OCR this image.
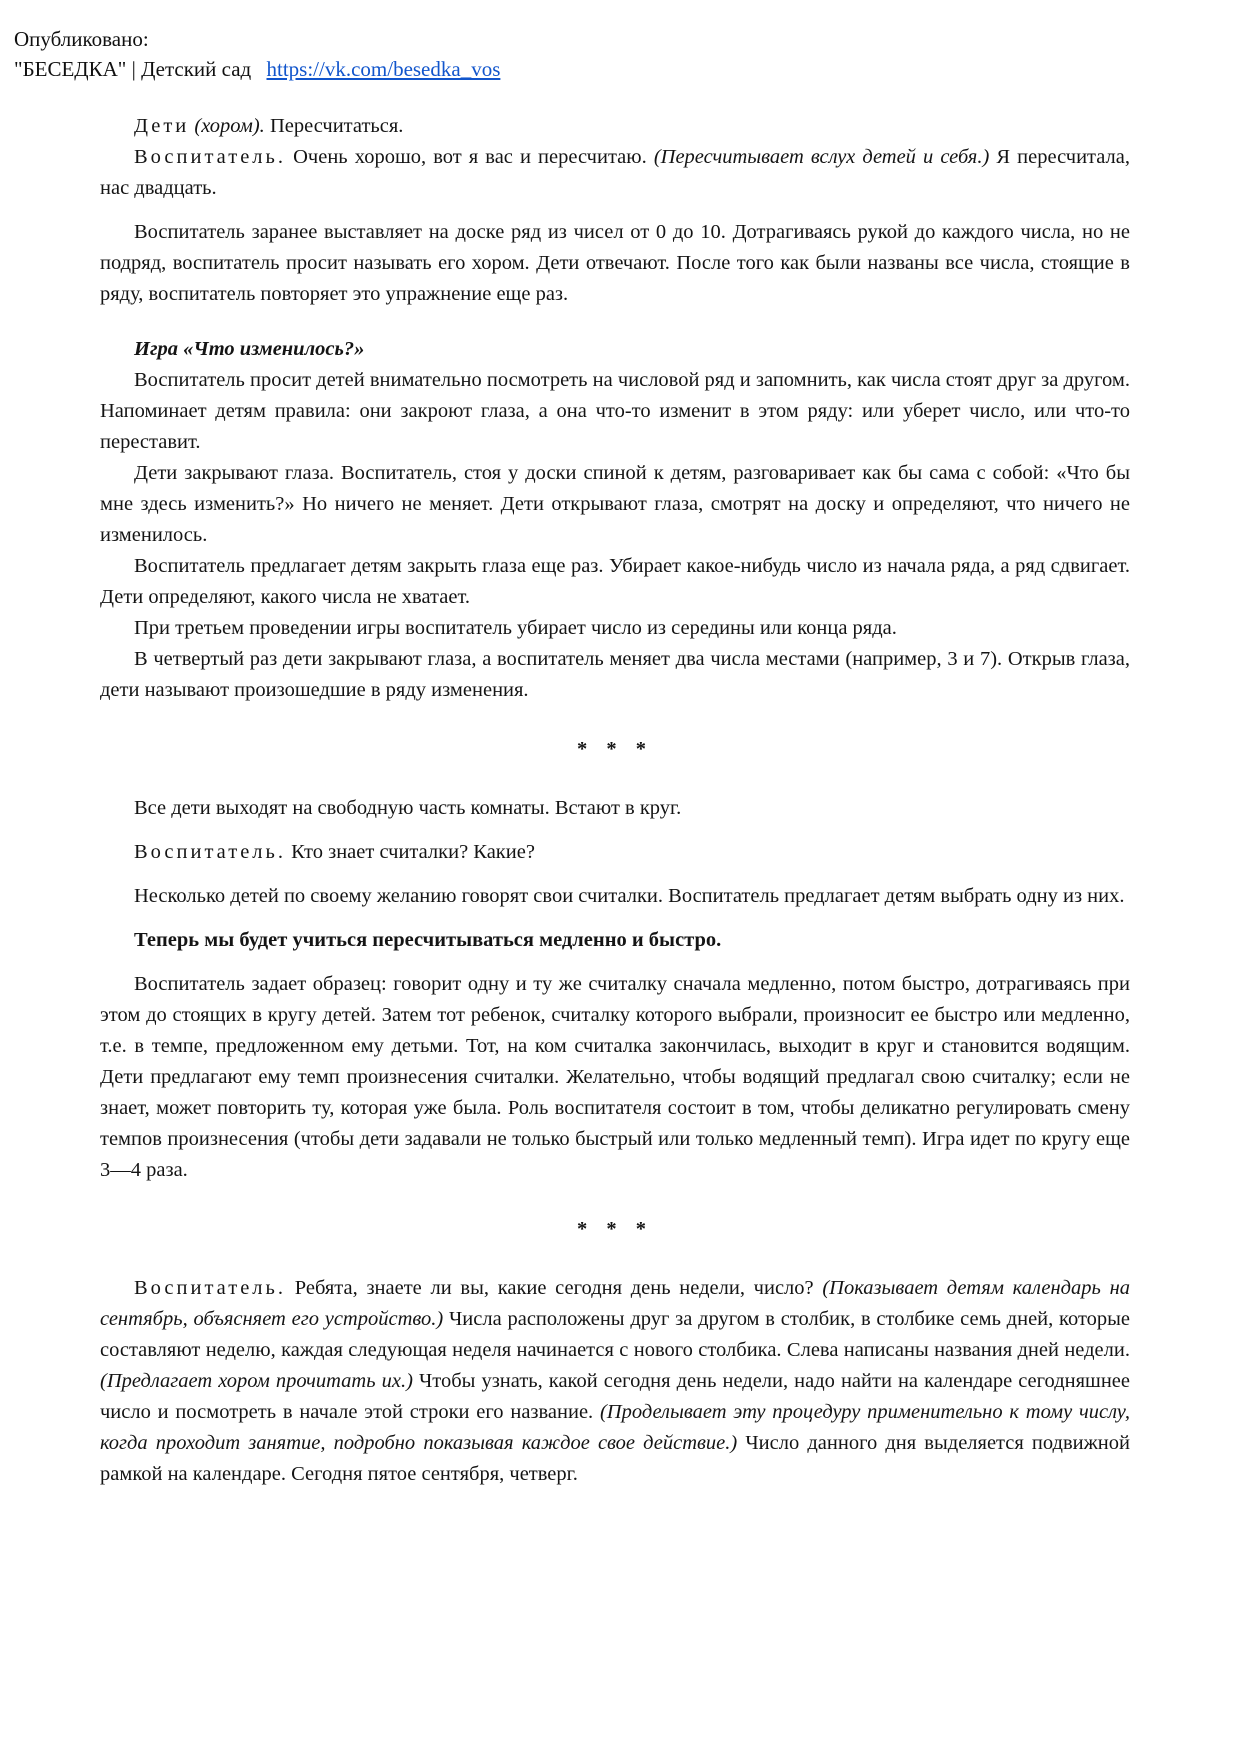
Опубликовано:
"БЕСЕДКА" | Детский сад https://vk.com/besedka_vos

Дети (хором). Пересчитаться.

Воспитатель. Очень хорошо, вот я вас и пересчитаю. (Пересчитывает вслух детей и себя.) Я пересчитала, нас двадцать.

Воспитатель заранее выставляет на доске ряд из чисел от 0 до 10. Дотрагиваясь рукой до каждого числа, но не подряд, воспитатель просит называть его хором. Дети отвечают. После того как были названы все числа, стоящие в ряду, воспитатель повторяет это упражнение еще раз.

Игра «Что изменилось?»

Воспитатель просит детей внимательно посмотреть на числовой ряд и запомнить, как числа стоят друг за другом. Напоминает детям правила: они закроют глаза, а она что-то изменит в этом ряду: или уберет число, или что-то переставит.

Дети закрывают глаза. Воспитатель, стоя у доски спиной к детям, разговаривает как бы сама с собой: «Что бы мне здесь изменить?» Но ничего не меняет. Дети открывают глаза, смотрят на доску и определяют, что ничего не изменилось.

Воспитатель предлагает детям закрыть глаза еще раз. Убирает какое-нибудь число из начала ряда, а ряд сдвигает. Дети определяют, какого числа не хватает.

При третьем проведении игры воспитатель убирает число из середины или конца ряда.

В четвертый раз дети закрывают глаза, а воспитатель меняет два числа местами (например, 3 и 7). Открыв глаза, дети называют произошедшие в ряду изменения.

* * *

Все дети выходят на свободную часть комнаты. Встают в круг.

Воспитатель. Кто знает считалки? Какие?

Несколько детей по своему желанию говорят свои считалки. Воспитатель предлагает детям выбрать одну из них.

Теперь мы будет учиться пересчитываться медленно и быстро.

Воспитатель задает образец: говорит одну и ту же считалку сначала медленно, потом быстро, дотрагиваясь при этом до стоящих в кругу детей. Затем тот ребенок, считалку которого выбрали, произносит ее быстро или медленно, т.е. в темпе, предложенном ему детьми. Тот, на ком считалка закончилась, выходит в круг и становится водящим. Дети предлагают ему темп произнесения считалки. Желательно, чтобы водящий предлагал свою считалку; если не знает, может повторить ту, которая уже была. Роль воспитателя состоит в том, чтобы деликатно регулировать смену темпов произнесения (чтобы дети задавали не только быстрый или только медленный темп). Игра идет по кругу еще 3—4 раза.

* * *

Воспитатель. Ребята, знаете ли вы, какие сегодня день недели, число? (Показывает детям календарь на сентябрь, объясняет его устройство.) Числа расположены друг за другом в столбик, в столбике семь дней, которые составляют неделю, каждая следующая неделя начинается с нового столбика. Слева написаны названия дней недели. (Предлагает хором прочитать их.) Чтобы узнать, какой сегодня день недели, надо найти на календаре сегодняшнее число и посмотреть в начале этой строки его название. (Проделывает эту процедуру применительно к тому числу, когда проходит занятие, подробно показывая каждое свое действие.) Число данного дня выделяется подвижной рамкой на календаре. Сегодня пятое сентября, четверг.
